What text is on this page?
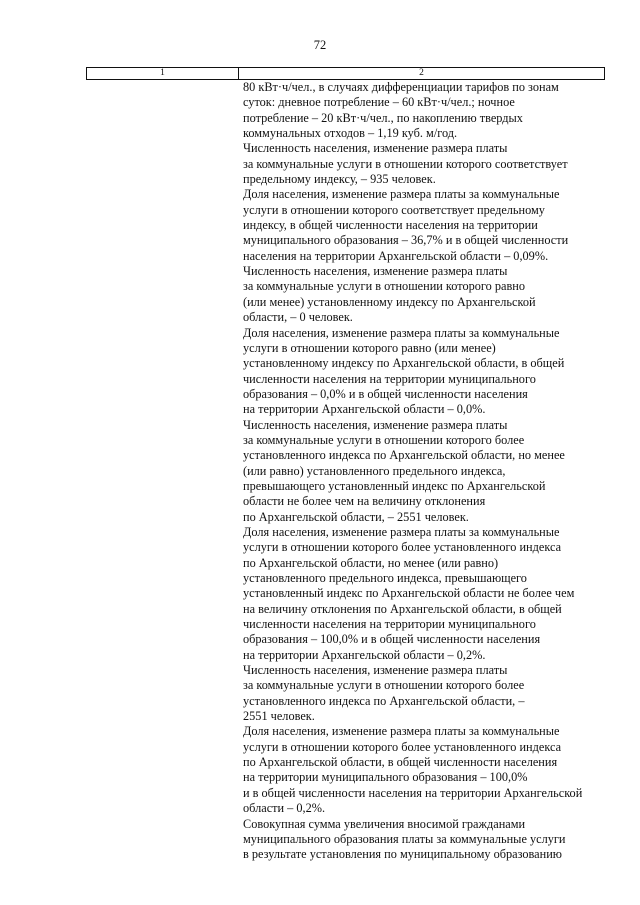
72
1	2
80 кВт·ч/чел., в случаях дифференциации тарифов по зонам
суток: дневное потребление – 60 кВт·ч/чел.; ночное
потребление – 20 кВт·ч/чел., по накоплению твердых
коммунальных отходов – 1,19 куб. м/год.
Численность населения, изменение размера платы
за коммунальные услуги в отношении которого соответствует
предельному индексу, – 935 человек.
Доля населения, изменение размера платы за коммунальные
услуги в отношении которого соответствует предельному
индексу, в общей численности населения на территории
муниципального образования – 36,7% и в общей численности
населения на территории Архангельской области – 0,09%.
Численность населения, изменение размера платы
за коммунальные услуги в отношении которого равно
(или менее) установленному индексу по Архангельской
области, – 0 человек.
Доля населения, изменение размера платы за коммунальные
услуги в отношении которого равно (или менее)
установленному индексу по Архангельской области, в общей
численности населения на территории муниципального
образования – 0,0% и в общей численности населения
на территории Архангельской области – 0,0%.
Численность населения, изменение размера платы
за коммунальные услуги в отношении которого более
установленного индекса по Архангельской области, но менее
(или равно) установленного предельного индекса,
превышающего установленный индекс по Архангельской
области не более чем на величину отклонения
по Архангельской области, – 2551 человек.
Доля населения, изменение размера платы за коммунальные
услуги в отношении которого более установленного индекса
по Архангельской области, но менее (или равно)
установленного предельного индекса, превышающего
установленный индекс по Архангельской области не более чем
на величину отклонения по Архангельской области, в общей
численности населения на территории муниципального
образования – 100,0% и в общей численности населения
на территории Архангельской области – 0,2%.
Численность населения, изменение размера платы
за коммунальные услуги в отношении которого более
установленного индекса по Архангельской области, –
2551 человек.
Доля населения, изменение размера платы за коммунальные
услуги в отношении которого более установленного индекса
по Архангельской области, в общей численности населения
на территории муниципального образования – 100,0%
и в общей численности населения на территории Архангельской
области – 0,2%.
Совокупная сумма увеличения вносимой гражданами
муниципального образования платы за коммунальные услуги
в результате установления по муниципальному образованию
